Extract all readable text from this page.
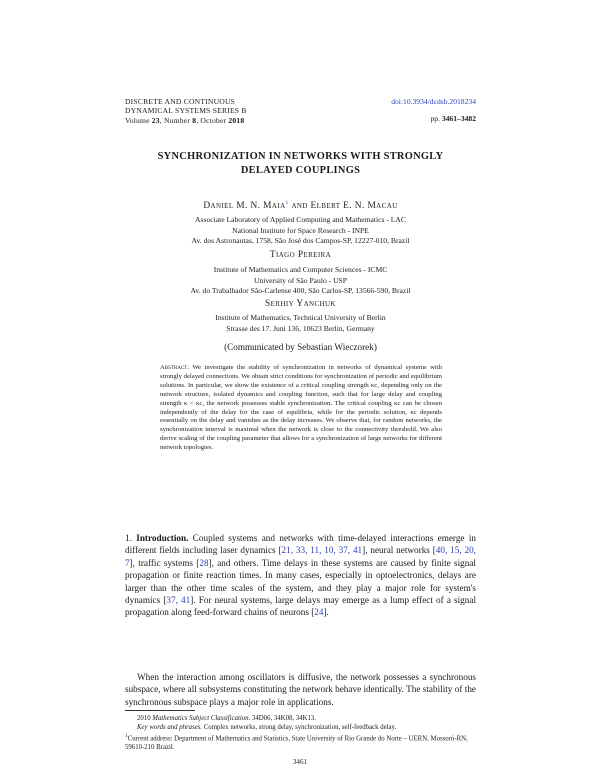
DISCRETE AND CONTINUOUS
DYNAMICAL SYSTEMS SERIES B
Volume 23, Number 8, October 2018
doi:10.3934/dcdsb.2018234
pp. 3461–3482
SYNCHRONIZATION IN NETWORKS WITH STRONGLY
DELAYED COUPLINGS
Daniel M. N. Maia$^1$ and Elbert E. N. Macau
Associate Laboratory of Applied Computing and Mathematics - LAC
National Institute for Space Research - INPE
Av. dos Astronautas, 1758, São José dos Campos-SP, 12227-010, Brazil
Tiago Pereira
Institute of Mathematics and Computer Sciences - ICMC
University of São Paulo - USP
Av. do Trabalhador São-Carlense 400, São Carlos-SP, 13566-590, Brazil
Serhiy Yanchuk
(Communicated by Sebastian Wieczorek)
Abstract. We investigate the stability of synchronization in networks of dynamical systems with strongly delayed connections. We obtain strict conditions for synchronization of periodic and equilibrium solutions. In particular, we show the existence of a critical coupling strength κc, depending only on the network structure, isolated dynamics and coupling function, such that for large delay and coupling strength κ < κc, the network possesses stable synchronization. The critical coupling κc can be chosen independently of the delay for the case of equilibria, while for the periodic solution, κc depends essentially on the delay and vanishes as the delay increases. We observe that, for random networks, the synchronization interval is maximal when the network is close to the connectivity threshold. We also derive scaling of the coupling parameter that allows for a synchronization of large networks for different network topologies.
1. Introduction. Coupled systems and networks with time-delayed interactions emerge in different fields including laser dynamics [21, 33, 11, 10, 37, 41], neural networks [40, 15, 20, 7], traffic systems [28], and others. Time delays in these systems are caused by finite signal propagation or finite reaction times. In many cases, especially in optoelectronics, delays are larger than the other time scales of the system, and they play a major role for system's dynamics [37, 41]. For neural systems, large delays may emerge as a lump effect of a signal propagation along feed-forward chains of neurons [24].
When the interaction among oscillators is diffusive, the network possesses a synchronous subspace, where all subsystems constituting the network behave identically. The stability of the synchronous subspace plays a major role in applications.

2010 Mathematics Subject Classification. 34D06, 34K08, 34K13.

Key words and phrases. Complex networks, strong delay, synchronization, self-feedback delay.

$^1$Current address: Department of Mathematics and Statistics, State University of Rio Grande do Norte – UERN, Mossoró-RN, 59610-210 Brazil.

3461
Institute of Mathematics, Technical University of Berlin
Strasse des 17. Juni 136, 10623 Berlin, Germany
